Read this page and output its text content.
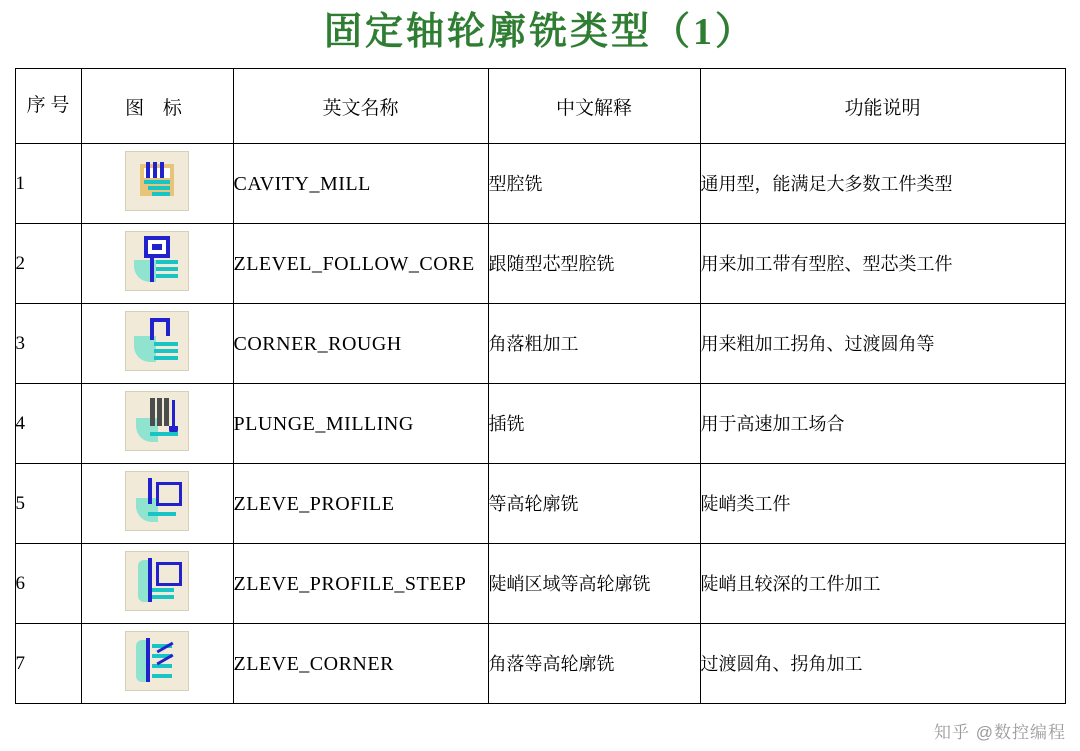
固定轴轮廓铣类型（1）
序 号	图 标	英文名称	中文解释	功能说明
1		CAVITY_MILL	型腔铣	通用型，能满足大多数工件类型
2		ZLEVEL_FOLLOW_CORE	跟随型芯型腔铣	用来加工带有型腔、型芯类工件
3		CORNER_ROUGH	角落粗加工	用来粗加工拐角、过渡圆角等
4		PLUNGE_MILLING	插铣	用于高速加工场合
5		ZLEVE_PROFILE	等高轮廓铣	陡峭类工件
6		ZLEVE_PROFILE_STEEP	陡峭区域等高轮廓铣	陡峭且较深的工件加工
7		ZLEVE_CORNER	角落等高轮廓铣	过渡圆角、拐角加工
知乎 @数控编程
